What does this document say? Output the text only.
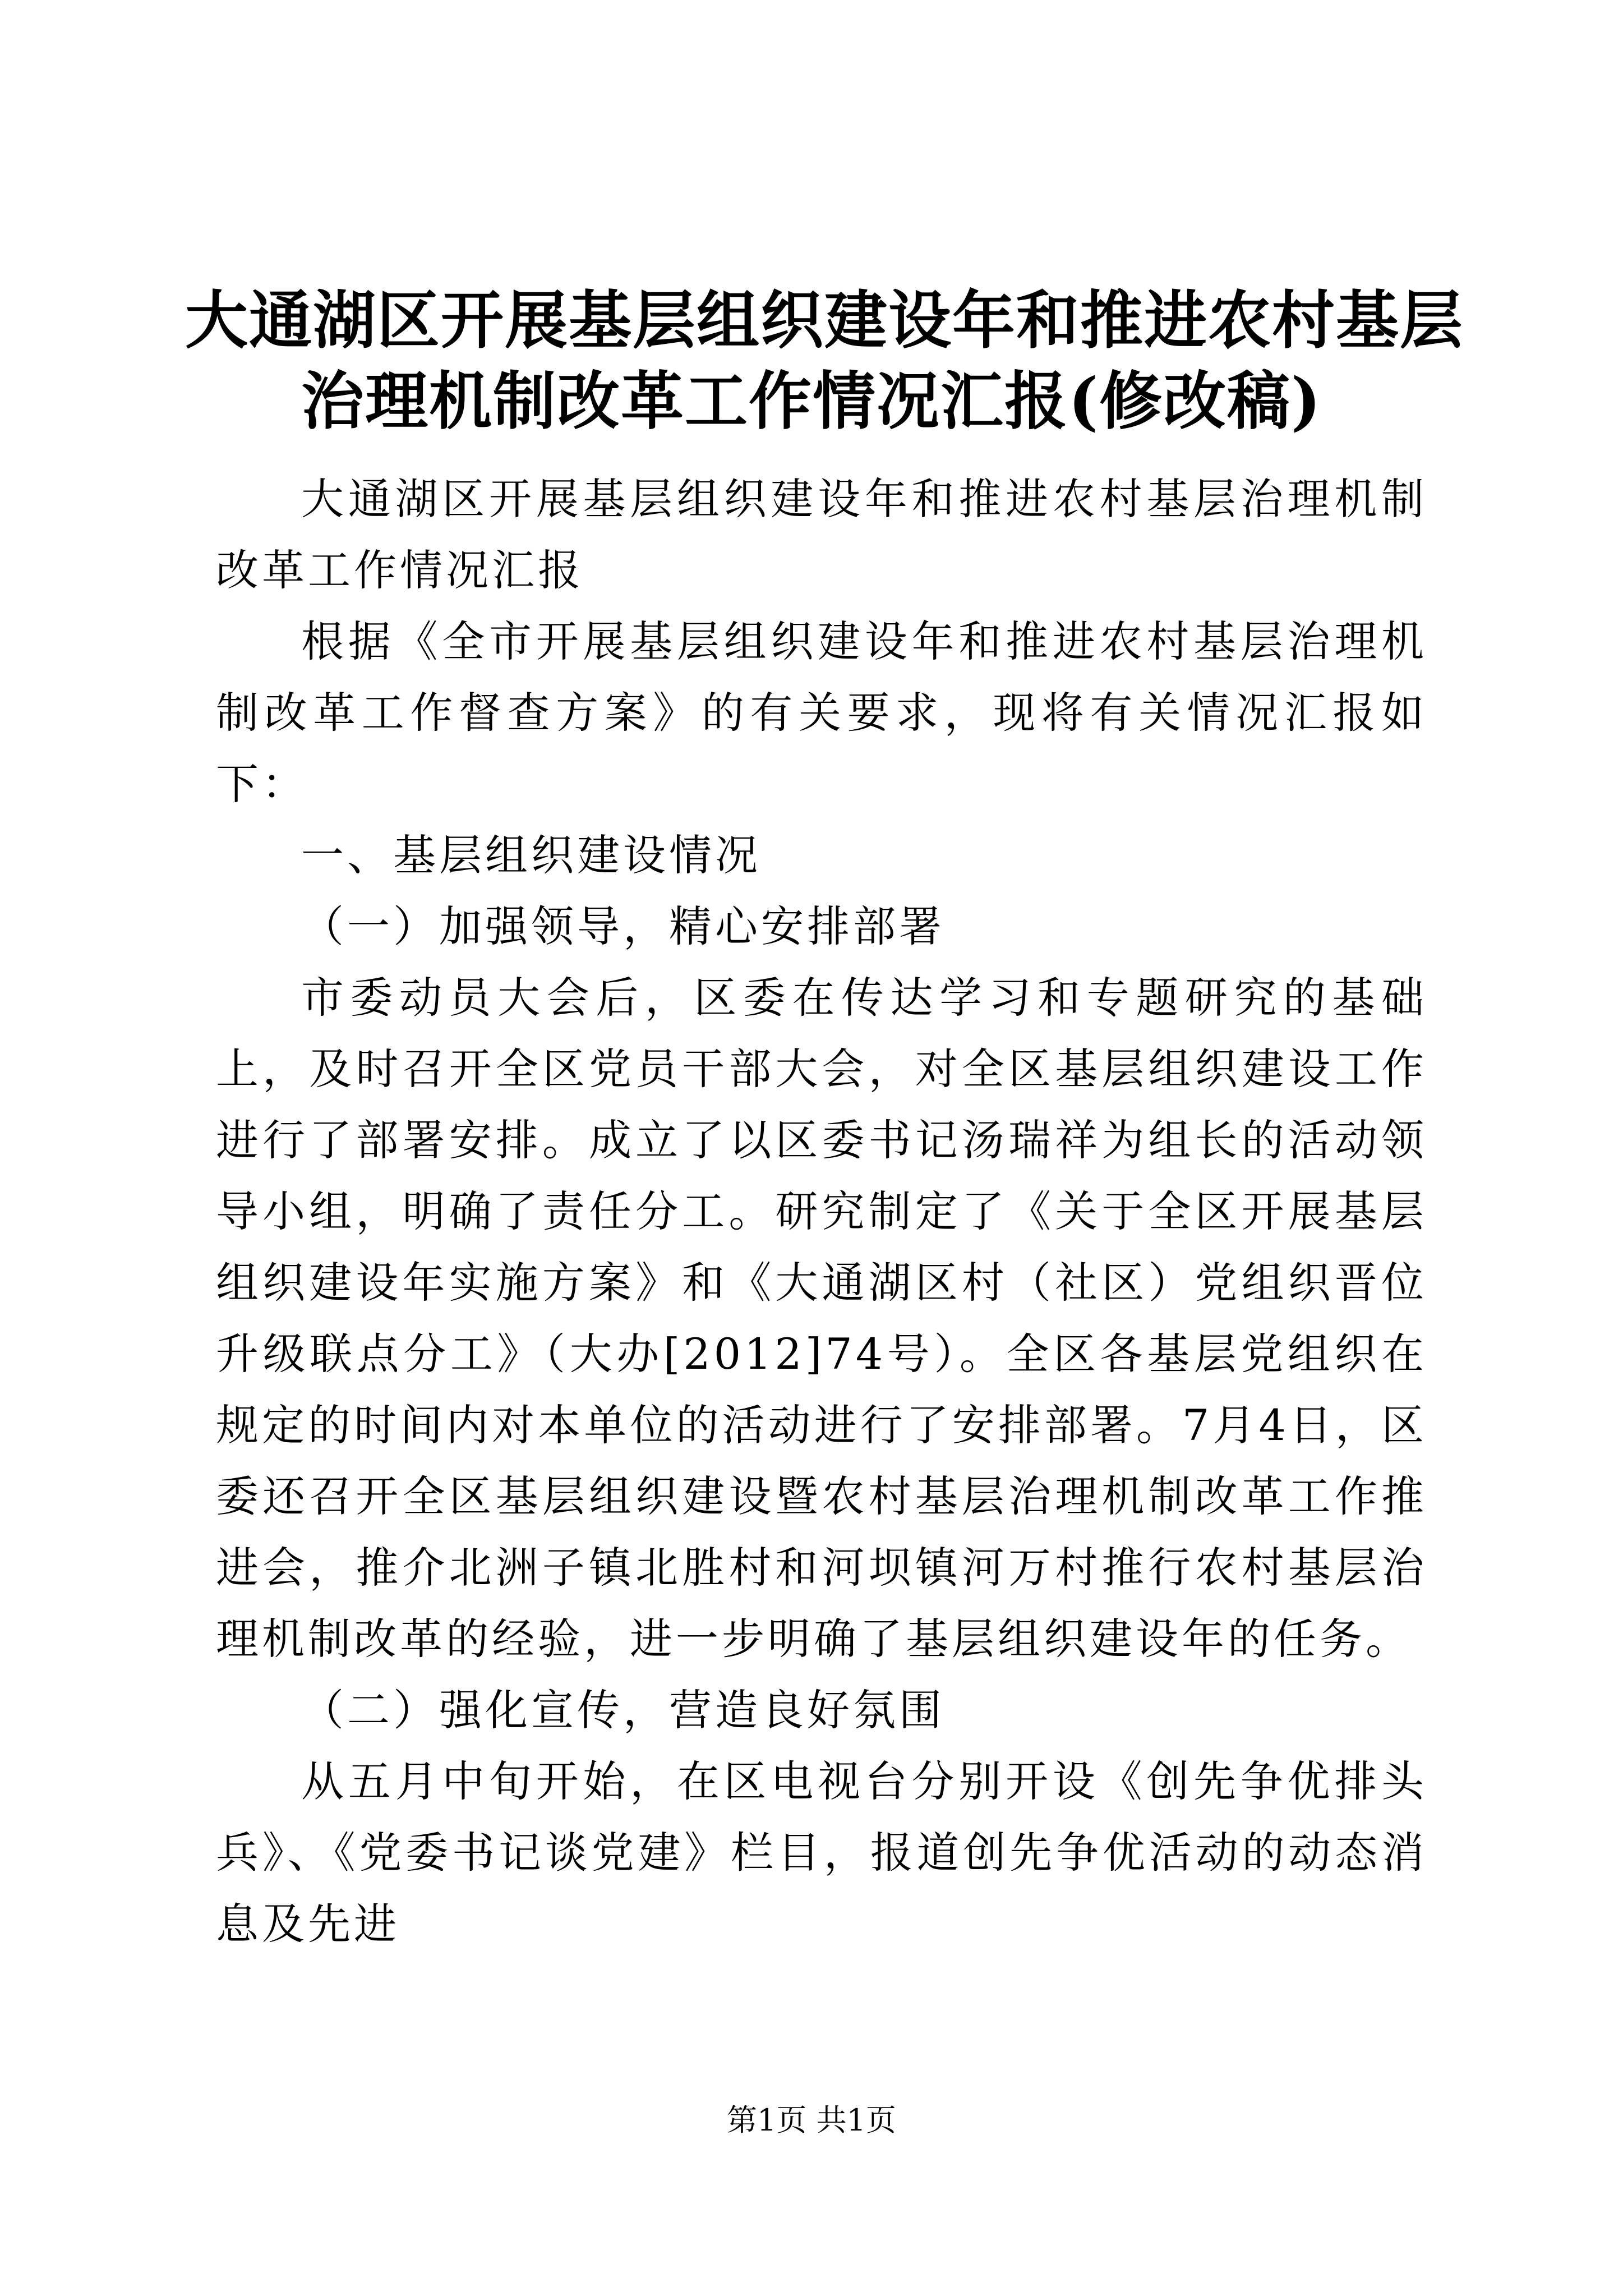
大通湖区开展基层组织建设年和推进农村基层
治理机制改革工作情况汇报(修改稿)

大通湖区开展基层组织建设年和推进农村基层治理机制改革工作情况汇报

根据《全市开展基层组织建设年和推进农村基层治理机制改革工作督查方案》的有关要求，现将有关情况汇报如下：

一、基层组织建设情况

（一）加强领导，精心安排部署

市委动员大会后，区委在传达学习和专题研究的基础上，及时召开全区党员干部大会，对全区基层组织建设工作进行了部署安排。成立了以区委书记汤瑞祥为组长的活动领导小组，明确了责任分工。研究制定了《关于全区开展基层组织建设年实施方案》和《大通湖区村（社区）党组织晋位升级联点分工》（大办[2012]74号）。全区各基层党组织在规定的时间内对本单位的活动进行了安排部署。7月4日，区委还召开全区基层组织建设暨农村基层治理机制改革工作推进会，推介北洲子镇北胜村和河坝镇河万村推行农村基层治理机制改革的经验，进一步明确了基层组织建设年的任务。

（二）强化宣传，营造良好氛围

从五月中旬开始，在区电视台分别开设《创先争优排头兵》、《党委书记谈党建》栏目，报道创先争优活动的动态消息及先进

第1页 共1页
